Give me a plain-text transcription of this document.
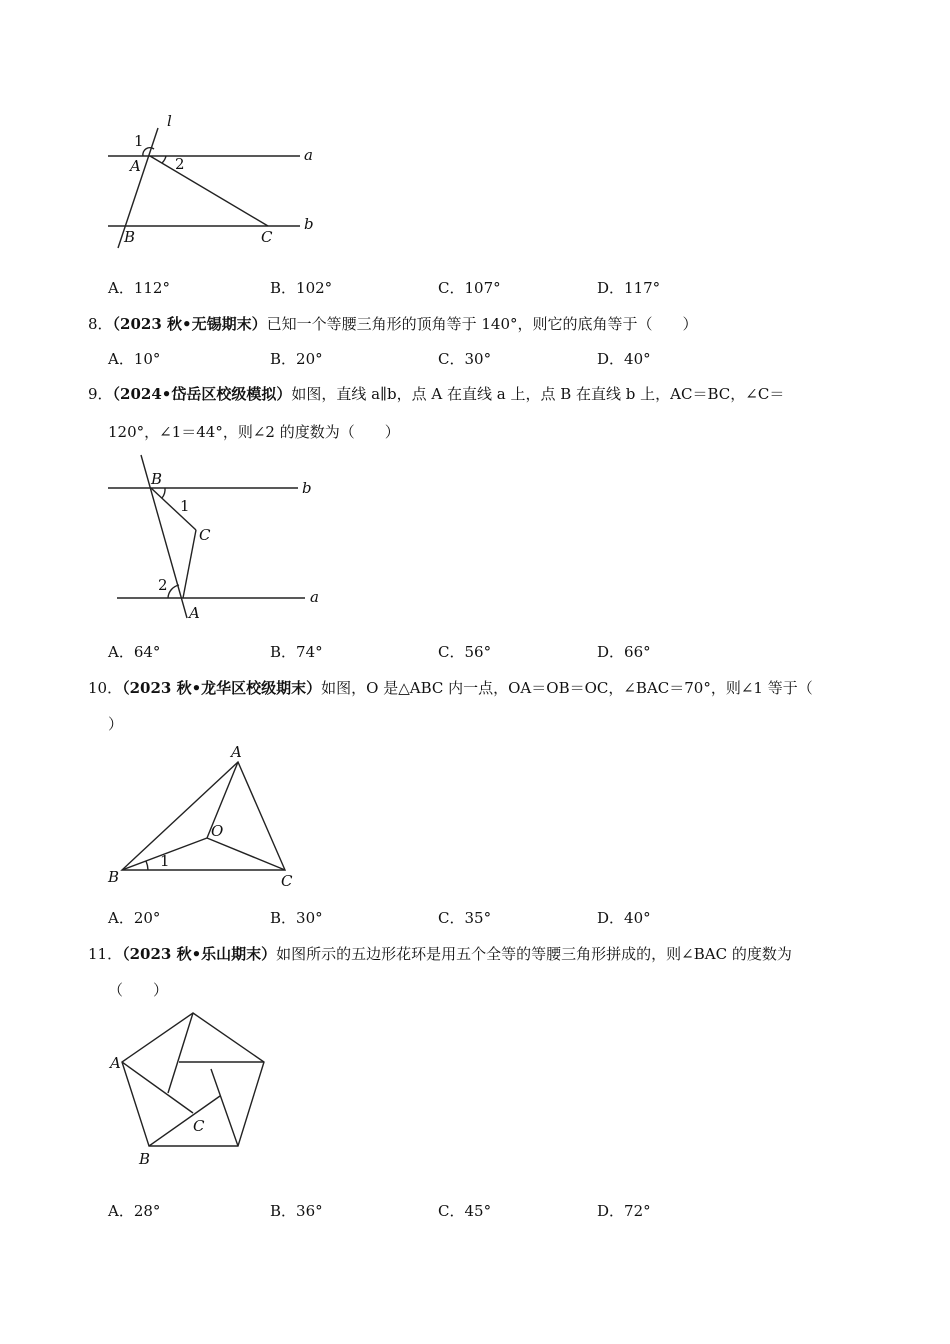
l
1
A 2	a
B	C
b
A．112°	B．102°	C．107°	D．117°
8．（2023 秋•无锡期末）已知一个等腰三角形的顶角等于 140°，则它的底角等于（　　）
A．10°	B．20°	C．30°	D．40°
9．（2024•岱岳区校级模拟）如图，直线 a∥b，点 A 在直线 a 上，点 B 在直线 b 上，AC＝BC，∠C＝
120°，∠1＝44°，则∠2 的度数为（　　）
B	b
1
C
2
a
A
A．64°	B．74°	C．56°	D．66°
10．（2023 秋•龙华区校级期末）如图，O 是△ABC 内一点，OA＝OB＝OC，∠BAC＝70°，则∠1 等于（
）
A
O
B
1
C
A．20°	B．30°	C．35°	D．40°
11．（2023 秋•乐山期末）如图所示的五边形花环是用五个全等的等腰三角形拼成的，则∠BAC 的度数为
（　　）
A
C
B
A．28°	B．36°	C．45°	D．72°
